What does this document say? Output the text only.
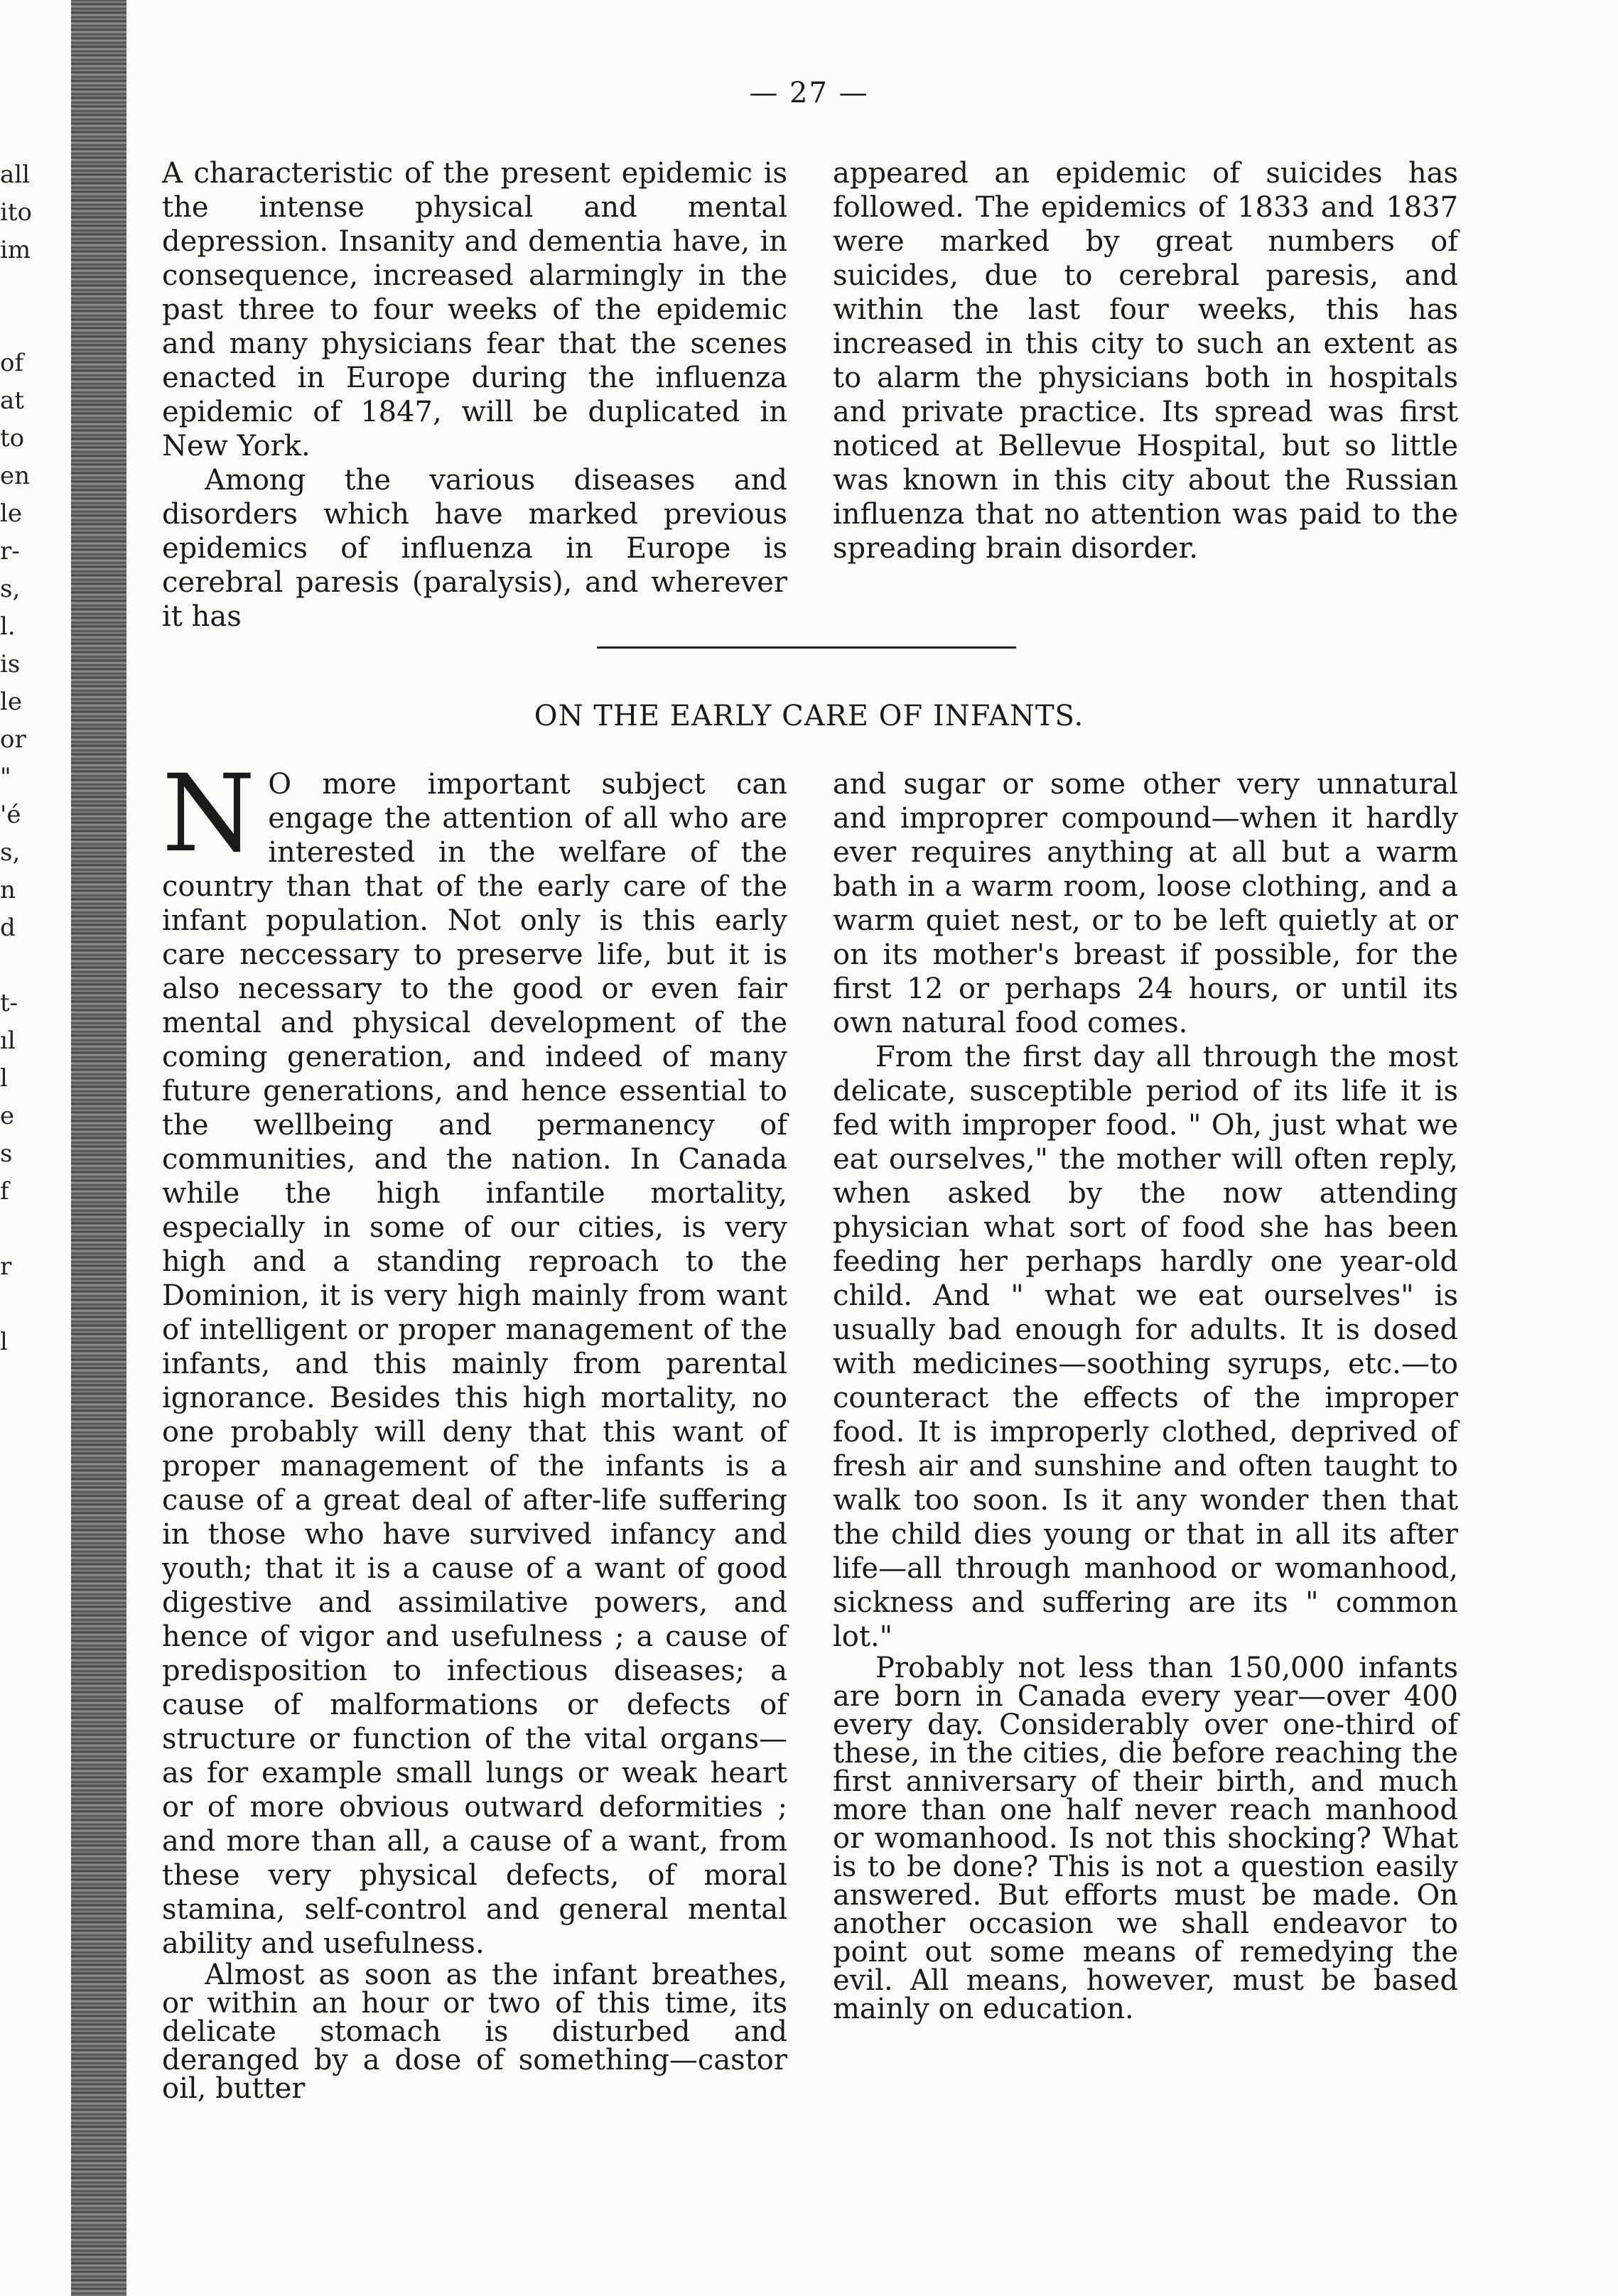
all
ito
im
of
at
to
en
le
r-
s,
l.
is
le
or
"
'é
s,
n
d
t-
ıl
l
e
s
f
r
l
— 27 —

A characteristic of the present epidemic is the intense physical and mental depression. Insanity and dementia have, in consequence, increased alarmingly in the past three to four weeks of the epidemic and many physicians fear that the scenes enacted in Europe during the influenza epidemic of 1847, will be duplicated in New York.

Among the various diseases and disorders which have marked previous epidemics of influenza in Europe is cerebral paresis (paralysis), and wherever it has

appeared an epidemic of suicides has followed. The epidemics of 1833 and 1837 were marked by great numbers of suicides, due to cerebral paresis, and within the last four weeks, this has increased in this city to such an extent as to alarm the physicians both in hospitals and private practice. Its spread was first noticed at Bellevue Hospital, but so little was known in this city about the Russian influenza that no attention was paid to the spreading brain disorder.

ON THE EARLY CARE OF INFANTS.

N O more important subject can engage the attention of all who are interested in the welfare of the country than that of the early care of the infant population. Not only is this early care neccessary to preserve life, but it is also necessary to the good or even fair mental and physical development of the coming generation, and indeed of many future generations, and hence essential to the wellbeing and permanency of communities, and the nation. In Canada while the high infantile mortality, especially in some of our cities, is very high and a standing reproach to the Dominion, it is very high mainly from want of intelligent or proper management of the infants, and this mainly from parental ignorance. Besides this high mortality, no one probably will deny that this want of proper management of the infants is a cause of a great deal of after-life suffering in those who have survived infancy and youth; that it is a cause of a want of good digestive and assimilative powers, and hence of vigor and usefulness ; a cause of predisposition to infectious diseases; a cause of malformations or defects of structure or function of the vital organs—as for example small lungs or weak heart or of more obvious outward deformities ; and more than all, a cause of a want, from these very physical defects, of moral stamina, self-control and general mental ability and usefulness.

Almost as soon as the infant breathes, or within an hour or two of this time, its delicate stomach is disturbed and deranged by a dose of something—castor oil, butter

and sugar or some other very unnatural and improprer compound—when it hardly ever requires anything at all but a warm bath in a warm room, loose clothing, and a warm quiet nest, or to be left quietly at or on its mother's breast if possible, for the first 12 or perhaps 24 hours, or until its own natural food comes.

From the first day all through the most delicate, susceptible period of its life it is fed with improper food. " Oh, just what we eat ourselves," the mother will often reply, when asked by the now attending physician what sort of food she has been feeding her perhaps hardly one year-old child. And " what we eat ourselves" is usually bad enough for adults. It is dosed with medicines—soothing syrups, etc.—to counteract the effects of the improper food. It is improperly clothed, deprived of fresh air and sunshine and often taught to walk too soon. Is it any wonder then that the child dies young or that in all its after life—all through manhood or womanhood, sickness and suffering are its " common lot."

Probably not less than 150,000 infants are born in Canada every year—over 400 every day. Considerably over one-third of these, in the cities, die before reaching the first anniversary of their birth, and much more than one half never reach manhood or womanhood. Is not this shocking? What is to be done? This is not a question easily answered. But efforts must be made. On another occasion we shall endeavor to point out some means of remedying the evil. All means, however, must be based mainly on education.
